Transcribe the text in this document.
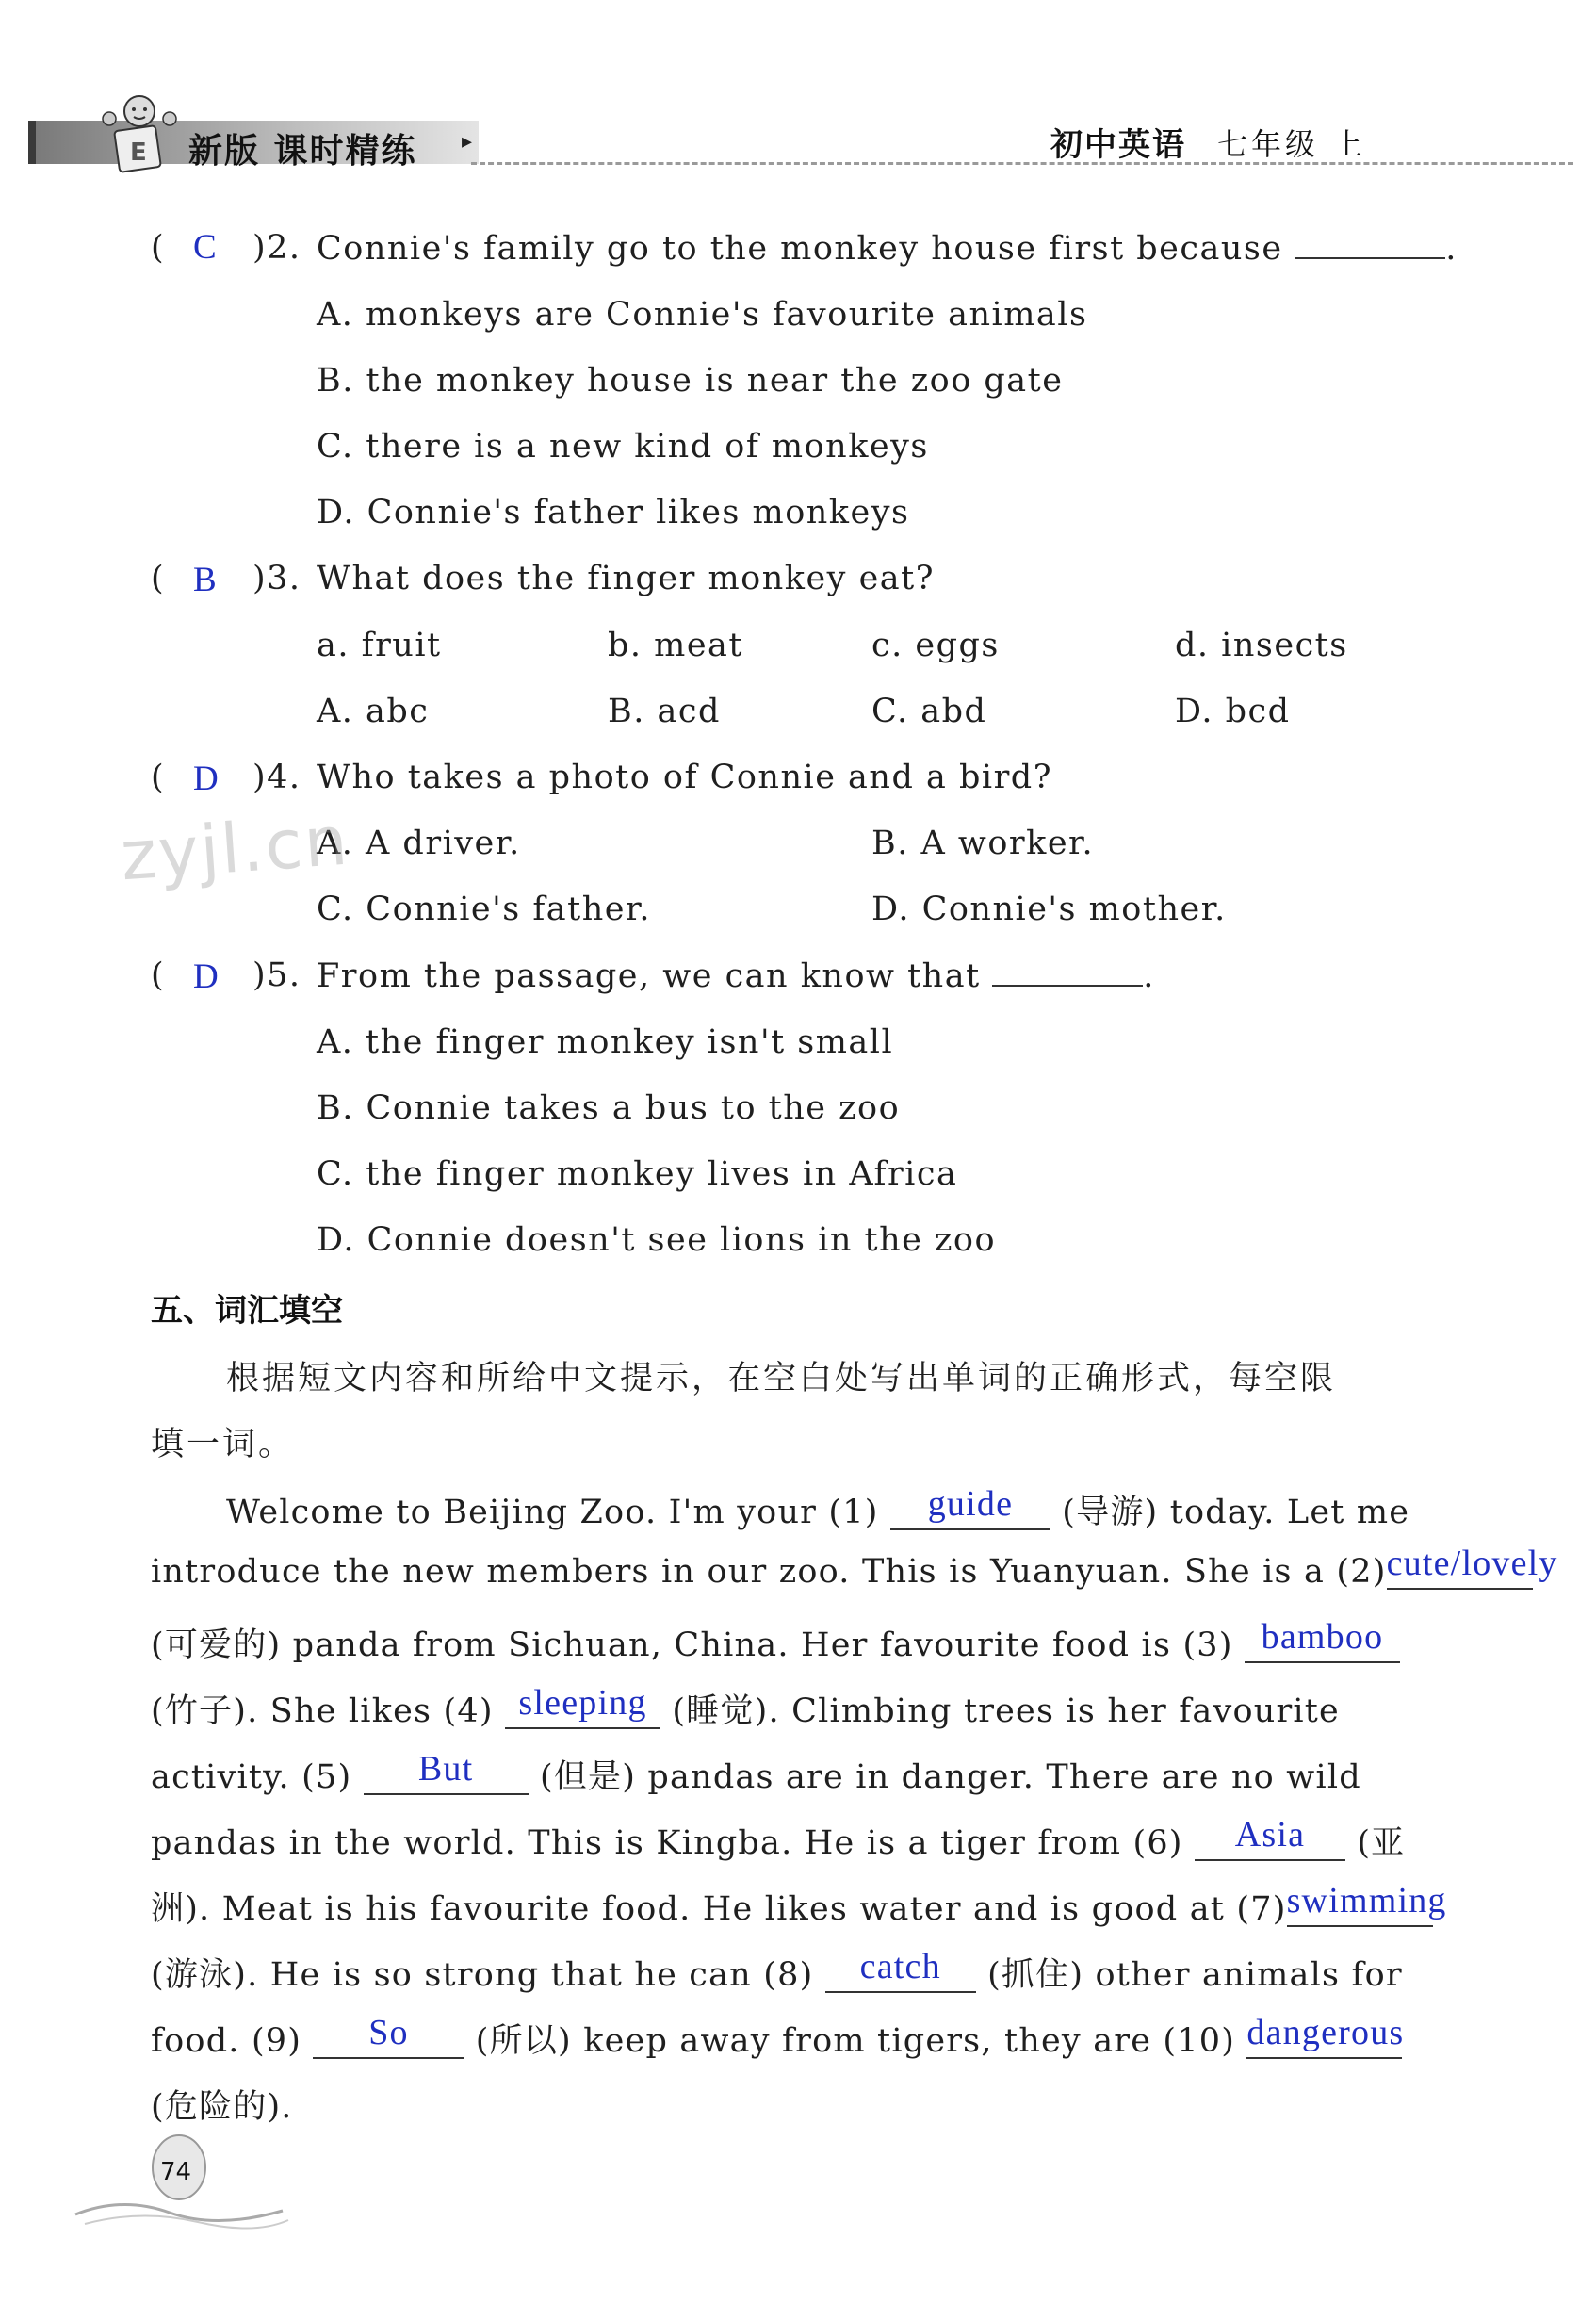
E 新版 课时精练 ▸	初中英语 七年级 上
( C )2. Connie's family go to the monkey house first because	.
A. monkeys are Connie's favourite animals
B. the monkey house is near the zoo gate
C. there is a new kind of monkeys
D. Connie's father likes monkeys
( B )3. What does the finger monkey eat?
a. fruit	b. meat	c. eggs	d. insects
A. abc	B. acd	C. abd	D. bcd
( D )4. Who takes a photo of Connie and a bird?
A. A driver.	B. A worker.
C. Connie's father.	D. Connie's mother.
( D )5. From the passage, we can know that	.
A. the finger monkey isn't small
B. Connie takes a bus to the zoo
C. the finger monkey lives in Africa
D. Connie doesn't see lions in the zoo
zyjl.cn
五、词汇填空
根据短文内容和所给中文提示，在空白处写出单词的正确形式，每空限
填一词。
Welcome to Beijing Zoo. I'm your (1) guide (导游) today. Let me
introduce the new members in our zoo. This is Yuanyuan. She is a (2)cute/lovely
(可爱的) panda from Sichuan, China. Her favourite food is (3) bamboo
(竹子). She likes (4) sleeping (睡觉). Climbing trees is her favourite
activity. (5) But (但是) pandas are in danger. There are no wild
pandas in the world. This is Kingba. He is a tiger from (6) Asia (亚
洲). Meat is his favourite food. He likes water and is good at (7)swimming
(游泳). He is so strong that he can (8) catch (抓住) other animals for
food. (9) So (所以) keep away from tigers, they are (10) dangerous
(危险的).
74
